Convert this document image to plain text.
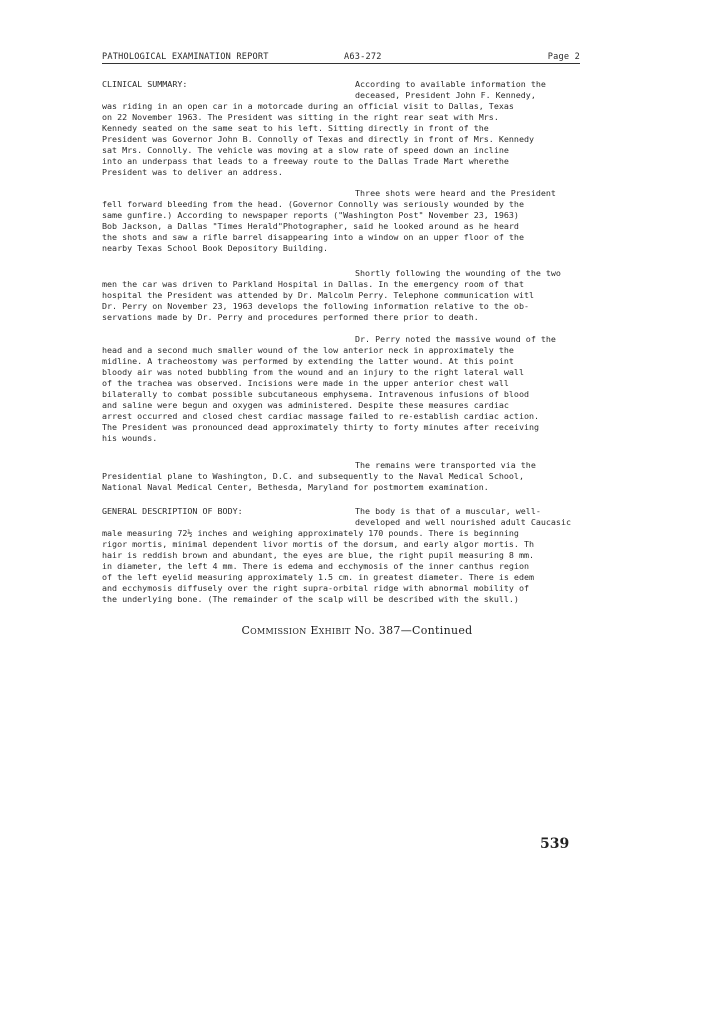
PATHOLOGICAL EXAMINATION REPORT	A63-272	Page 2
CLINICAL SUMMARY:	According to available information the
deceased, President John F. Kennedy,
was riding in an open car in a motorcade during an official visit to Dallas, Texas
on 22 November 1963. The President was sitting in the right rear seat with Mrs.
Kennedy seated on the same seat to his left. Sitting directly in front of the
President was Governor John B. Connolly of Texas and directly in front of Mrs. Kennedy
sat Mrs. Connolly. The vehicle was moving at a slow rate of speed down an incline
into an underpass that leads to a freeway route to the Dallas Trade Mart wherethe
President was to deliver an address.
Three shots were heard and the President
fell forward bleeding from the head. (Governor Connolly was seriously wounded by the
same gunfire.) According to newspaper reports ("Washington Post" November 23, 1963)
Bob Jackson, a Dallas "Times Herald"Photographer, said he looked around as he heard
the shots and saw a rifle barrel disappearing into a window on an upper floor of the
nearby Texas School Book Depository Building.
Shortly following the wounding of the two
men the car was driven to Parkland Hospital in Dallas. In the emergency room of that
hospital the President was attended by Dr. Malcolm Perry. Telephone communication witl
Dr. Perry on November 23, 1963 develops the following information relative to the ob-
servations made by Dr. Perry and procedures performed there prior to death.
Dr. Perry noted the massive wound of the
head and a second much smaller wound of the low anterior neck in approximately the
midline. A tracheostomy was performed by extending the latter wound. At this point
bloody air was noted bubbling from the wound and an injury to the right lateral wall
of the trachea was observed. Incisions were made in the upper anterior chest wall
bilaterally to combat possible subcutaneous emphysema. Intravenous infusions of blood
and saline were begun and oxygen was administered. Despite these measures cardiac
arrest occurred and closed chest cardiac massage failed to re-establish cardiac action.
The President was pronounced dead approximately thirty to forty minutes after receiving
his wounds.
The remains were transported via the
Presidential plane to Washington, D.C. and subsequently to the Naval Medical School,
National Naval Medical Center, Bethesda, Maryland for postmortem examination.
GENERAL DESCRIPTION OF BODY:	The body is that of a muscular, well-
developed and well nourished adult Caucasic
male measuring 72½ inches and weighing approximately 170 pounds. There is beginning
rigor mortis, minimal dependent livor mortis of the dorsum, and early algor mortis. Th
hair is reddish brown and abundant, the eyes are blue, the right pupil measuring 8 mm.
in diameter, the left 4 mm. There is edema and ecchymosis of the inner canthus region
of the left eyelid measuring approximately 1.5 cm. in greatest diameter. There is edem
and ecchymosis diffusely over the right supra-orbital ridge with abnormal mobility of
the underlying bone. (The remainder of the scalp will be described with the skull.)
Commission Exhibit No. 387—Continued
539
